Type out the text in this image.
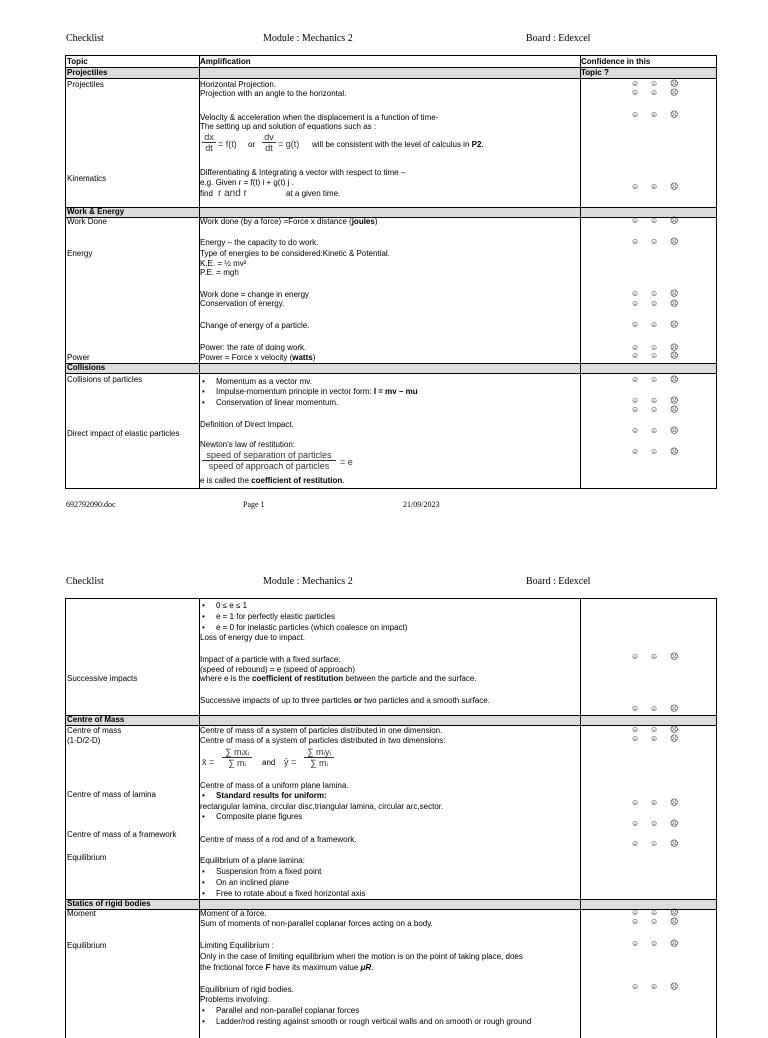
Checklist	Module : Mechanics 2	Board : Edexcel
Topic	Amplification	Confidence in this
Topic ?
Projectiles
Projectiles	Horizontal Projection.
Projection with an angle to the horizontal.
Velocity & acceleration when the displacement is a function of time-
The setting up and solution of equations such as :
$\frac{dx}{dt} = f(t)$ or $\frac{dv}{dt} = g(t)$ will be consistent with the level of calculus in P2.
Kinematics
Differentiating & Integrating a vector with respect to time –
e.g. Given r = f(t) i + g(t) j .
find r and r	at a given time.
Work & Energy
Work Done	Work done (by a force) =Force x distance (joules)
Energy
Energy – the capacity to do work.
Type of energies to be considered:Kinetic & Potential.
K.E. = ½ mv²
P.E. = mgh
Work done = change in energy
Conservation of energy.
Change of energy of a particle.
Power: the rate of doing work.
Power	Power = Force x velocity (watts)
Collisions
Collisions of particles
•	Momentum as a vector mv.
• Impulse-momentum principle in vector form: I = mv – mu
• Conservation of linear momentum.
Definition of Direct Impact.
Direct impact of elastic particles
Newton’s law of restitution:
speed of separation of particles
speed of approach of particles	= e
e is called the coefficient of restitution.
☺ ☺ ☹
☺ ☺ ☹
☺ ☺ ☹
☺ ☺ ☹
☺ ☺ ☹
☺ ☺ ☹
☺ ☺ ☹
☺ ☺ ☹
☺ ☺ ☹
☺ ☺ ☹
☺ ☺ ☹
☺ ☺ ☹
☺ ☺ ☹
☺ ☺ ☹
☺ ☺ ☹
☺ ☺ ☹
692792090.doc	Page 1	21/09/2023
Checklist	Module : Mechanics 2	Board : Edexcel
• 0 ≤ e ≤ 1
• e = 1 for perfectly elastic particles
• e = 0 for inelastic particles (which coalesce on impact)
Loss of energy due to impact.
Impact of a particle with a fixed surface:
(speed of rebound) = e (speed of approach)
Successive impacts	where e is the coefficient of restitution between the particle and the surface.
Successive impacts of up to three particles or two particles and a smooth surface.
Centre of Mass
Centre of mass
(1-D/2-D)
Centre of mass of a system of particles distributed in one dimension.
Centre of mass of a system of particles distributed in two dimensions:
x̄ =
∑ mᵢxᵢ
∑ mᵢ	and ȳ =
∑ mᵢyᵢ
∑ mᵢ
Centre of mass of a uniform plane lamina.
• Standard results for uniform:
Centre of mass of lamina
rectangular lamina, circular disc,triangular lamina, circular arc,sector.
• Composite plane figures
Centre of mass of a framework
Centre of mass of a rod and of a framework.
Equilibrium	Equilibrium of a plane lamina:
• Suspension from a fixed point
• On an inclined plane
• Free to rotate about a fixed horizontal axis
Statics of rigid bodies
Moment	Moment of a force.
Sum of moments of non-parallel coplanar forces acting on a body.
Equilibrium	Limiting Equilibrium :
Only in the case of limiting equilibrium when the motion is on the point of taking place, does
the frictional force F have its maximum value μR.
Equilibrium of rigid bodies.
Problems involving:
• Parallel and non-parallel coplanar forces
• Ladder/rod resting against smooth or rough vertical walls and on smooth or rough ground
☺ ☺ ☹
☺ ☺ ☹
☺ ☺ ☹
☺ ☺ ☹
☺ ☺ ☹
☺ ☺ ☹
☺ ☺ ☹
☺ ☺ ☹
☺ ☺ ☹
☺ ☺ ☹
☺ ☺ ☹
